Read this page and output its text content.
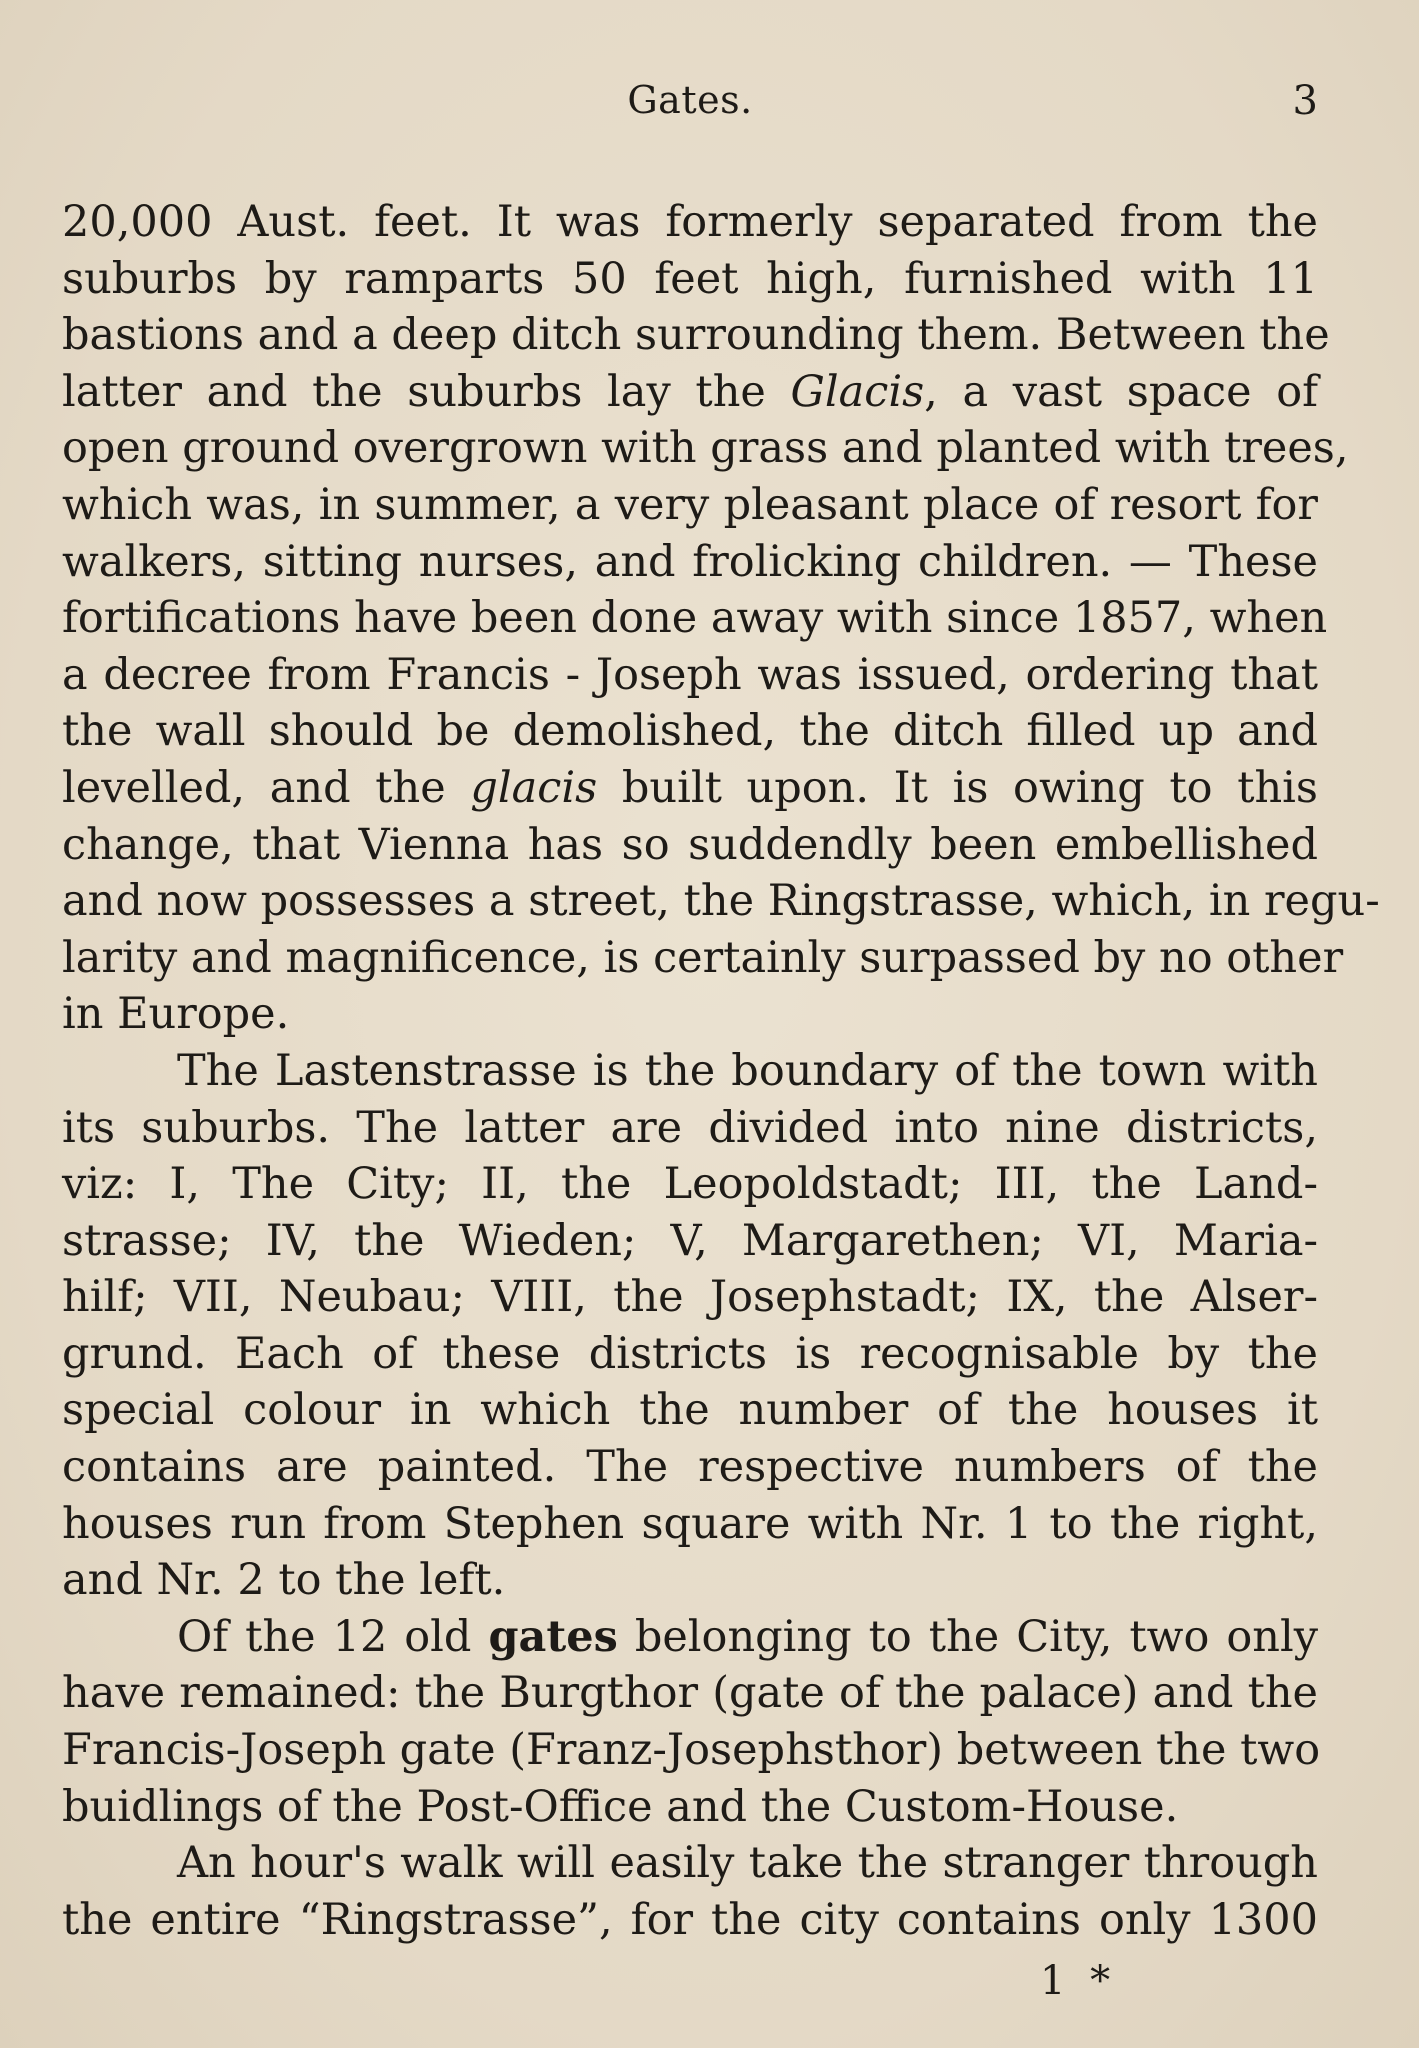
Gates.	3
20,000 Aust. feet. It was formerly separated from the
suburbs by ramparts 50 feet high, furnished with 11
bastions and a deep ditch surrounding them. Between the
latter and the suburbs lay the Glacis, a vast space of
open ground overgrown with grass and planted with trees,
which was, in summer, a very pleasant place of resort for
walkers, sitting nurses, and frolicking children. — These
fortifications have been done away with since 1857, when
a decree from Francis - Joseph was issued, ordering that
the wall should be demolished, the ditch filled up and
levelled, and the glacis built upon. It is owing to this
change, that Vienna has so suddendly been embellished
and now possesses a street, the Ringstrasse, which, in regu-
larity and magnificence, is certainly surpassed by no other
in Europe.
The Lastenstrasse is the boundary of the town with
its suburbs. The latter are divided into nine districts,
viz: I, The City; II, the Leopoldstadt; III, the Land-
strasse; IV, the Wieden; V, Margarethen; VI, Maria-
hilf; VII, Neubau; VIII, the Josephstadt; IX, the Alser-
grund. Each of these districts is recognisable by the
special colour in which the number of the houses it
contains are painted. The respective numbers of the
houses run from Stephen square with Nr. 1 to the right,
and Nr. 2 to the left.
Of the 12 old gates belonging to the City, two only
have remained: the Burgthor (gate of the palace) and the
Francis-Joseph gate (Franz-Josephsthor) between the two
buidlings of the Post-Office and the Custom-House.
An hour's walk will easily take the stranger through
the entire “Ringstrasse”, for the city contains only 1300
1 *
